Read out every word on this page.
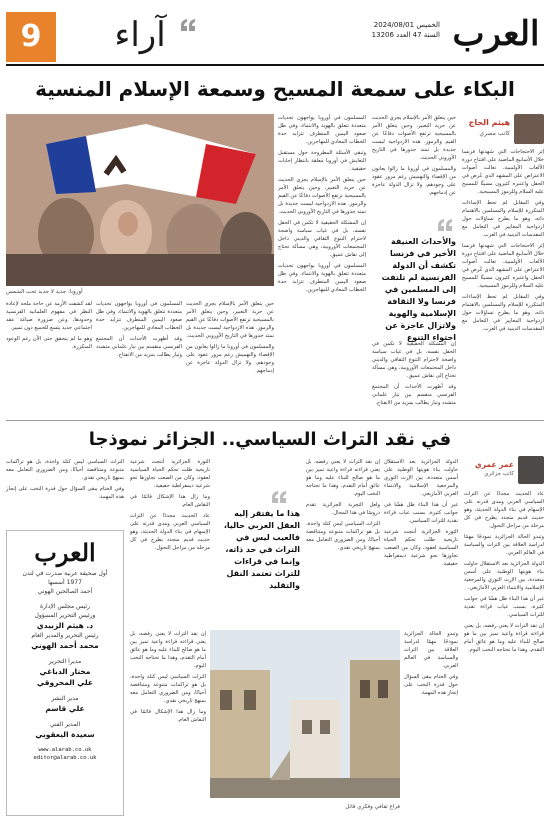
العرب
الخميس 2024/08/01
السنة 47 العدد 13206
آراء
9
البكاء على سمعة المسيح وسمعة الإسلام المنسية
هيثم الحاج
كاتب مصري

إثر الاحتجاجات التي شهدتها فرنسا خلال الأسابيع الماضية على افتتاح دورة الألعاب الأولمبية، تعالت أصوات الاعتراض على المشهد الذي عُرض في الحفل واعتبره كثيرون مسيئًا للمسيح عليه السلام وللرموز المسيحية.

وفي المقابل لم تحظ الإساءات المتكررة للإسلام والمسلمين بالاهتمام ذاته، وهو ما يطرح تساؤلات حول ازدواجية المعايير في التعامل مع المقدسات الدينية في الغرب.

إثر الاحتجاجات التي شهدتها فرنسا خلال الأسابيع الماضية على افتتاح دورة الألعاب الأولمبية، تعالت أصوات الاعتراض على المشهد الذي عُرض في الحفل واعتبره كثيرون مسيئًا للمسيح عليه السلام وللرموز المسيحية.

وفي المقابل لم تحظ الإساءات المتكررة للإسلام والمسلمين بالاهتمام ذاته، وهو ما يطرح تساؤلات حول ازدواجية المعايير في التعامل مع المقدسات الدينية في الغرب.

حين يتعلق الأمر بالإسلام يجري الحديث عن حرية التعبير، وحين يتعلق الأمر بالمسيحية ترتفع الأصوات دفاعًا عن القيم والرموز. هذه الازدواجية ليست جديدة بل تمتد جذورها في التاريخ الأوروبي الحديث.

والمسلمون في أوروبا ما زالوا يعانون من الإقصاء والتهميش رغم مرور عقود على وجودهم، ولا تزال الدولة عاجزة عن إدماجهم.

والأحداث العنيفة الأخير في فرنسا تكشف أن الدولة الفرنسية لم تلتفت إلى المسلمين في فرنسا ولا الثقافة الإسلامية والهوية ولاتزال عاجزة عن احتواء التنوع

إن المشكلة الحقيقية لا تكمن في الحفل نفسه، بل في غياب سياسة واضحة لاحترام التنوع الثقافي والديني داخل المجتمعات الأوروبية، وهي مسألة تحتاج إلى نقاش عميق.

وقد أظهرت الأحداث أن المجتمع الفرنسي منقسم بين تيار علماني متشدد وتيار يطالب بمزيد من الانفتاح.

المسلمون في أوروبا يواجهون تحديات متعددة تتعلق بالهوية والانتماء، وفي ظل صعود اليمين المتطرف تتزايد حدة الخطاب المعادي للمهاجرين.

وتبقى الأسئلة المطروحة حول مستقبل التعايش في أوروبا معلقة بانتظار إجابات حقيقية.

حين يتعلق الأمر بالإسلام يجري الحديث عن حرية التعبير، وحين يتعلق الأمر بالمسيحية ترتفع الأصوات دفاعًا عن القيم والرموز. هذه الازدواجية ليست جديدة بل تمتد جذورها في التاريخ الأوروبي الحديث.

إن المشكلة الحقيقية لا تكمن في الحفل نفسه، بل في غياب سياسة واضحة لاحترام التنوع الثقافي والديني داخل المجتمعات الأوروبية، وهي مسألة تحتاج إلى نقاش عميق.

المسلمون في أوروبا يواجهون تحديات متعددة تتعلق بالهوية والانتماء، وفي ظل صعود اليمين المتطرف تتزايد حدة الخطاب المعادي للمهاجرين.

لقد كشفت الأزمة عن حاجة ملحة لإعادة النظر في مفهوم العلمانية الفرنسية وحدودها، وعن ضرورة صياغة عقد اجتماعي جديد يتسع للجميع دون تمييز.

وهو ما لم يتحقق حتى الآن رغم الوعود المتكررة.

المسلمون في أوروبا يواجهون تحديات متعددة تتعلق بالهوية والانتماء، وفي ظل صعود اليمين المتطرف تتزايد حدة الخطاب المعادي للمهاجرين.

وقد أظهرت الأحداث أن المجتمع الفرنسي منقسم بين تيار علماني متشدد وتيار يطالب بمزيد من الانفتاح.

حين يتعلق الأمر بالإسلام يجري الحديث عن حرية التعبير، وحين يتعلق الأمر بالمسيحية ترتفع الأصوات دفاعًا عن القيم والرموز. هذه الازدواجية ليست جديدة بل تمتد جذورها في التاريخ الأوروبي الحديث.

والمسلمون في أوروبا ما زالوا يعانون من الإقصاء والتهميش رغم مرور عقود على وجودهم، ولا تزال الدولة عاجزة عن إدماجهم.

أوروبا: جديد لا جديد تحت الشمس
في نقد التراث السياسي.. الجزائر نموذجا
عمر عمري
كاتب جزائري

عاد الحديث مجددًا عن التراث السياسي العربي ومدى قدرته على الإسهام في بناء الدولة الحديثة، وهو حديث قديم متجدد يطرح في كل مرحلة من مراحل التحول.

وتبدو الحالة الجزائرية نموذجًا مهمًا لدراسة العلاقة بين التراث والسياسة في العالم العربي.

الدولة الجزائرية بعد الاستقلال حاولت بناء هويتها الوطنية على أسس متعددة، بين الإرث الثوري والمرجعية الإسلامية والانتماء العربي الأمازيغي.

غير أن هذا البناء ظل هشًا في جوانب كثيرة، بسبب غياب قراءة نقدية للتراث السياسي.

إن نقد التراث لا يعني رفضه، بل يعني قراءته قراءة واعية تميز بين ما هو صالح للبناء عليه وما هو عائق أمام التقدم، وهذا ما تحتاجه النخب اليوم.

الدولة الجزائرية بعد الاستقلال حاولت بناء هويتها الوطنية على أسس متعددة، بين الإرث الثوري والمرجعية الإسلامية والانتماء العربي الأمازيغي.

غير أن هذا البناء ظل هشًا في جوانب كثيرة، بسبب غياب قراءة نقدية للتراث السياسي.

الثورة الجزائرية أنتجت شرعية تاريخية ظلت تحكم الحياة السياسية لعقود، وكان من الصعب تجاوزها نحو شرعية ديمقراطية حقيقية.

إن نقد التراث لا يعني رفضه، بل يعني قراءته قراءة واعية تميز بين ما هو صالح للبناء عليه وما هو عائق أمام التقدم، وهذا ما تحتاجه النخب اليوم.

ولعل التجربة الجزائرية تقدم دروسًا في هذا المجال.

التراث السياسي ليس كتلة واحدة، بل هو تراكمات متنوعة ومتناقضة أحيانًا، ومن الضروري التعامل معه بمنهج تاريخي نقدي.

هذا ما يفتقر إليه العقل العربي حاليا، فالعيب ليس في التراث في حد ذاته، وإنما في قراءات للتراث تعتمد النقل والتقليد

الثورة الجزائرية أنتجت شرعية تاريخية ظلت تحكم الحياة السياسية لعقود، وكان من الصعب تجاوزها نحو شرعية ديمقراطية حقيقية.

وما زال هذا الإشكال قائمًا في النقاش العام.

عاد الحديث مجددًا عن التراث السياسي العربي ومدى قدرته على الإسهام في بناء الدولة الحديثة، وهو حديث قديم متجدد يطرح في كل مرحلة من مراحل التحول.

التراث السياسي ليس كتلة واحدة، بل هو تراكمات متنوعة ومتناقضة أحيانًا، ومن الضروري التعامل معه بمنهج تاريخي نقدي.

وفي الختام يبقى السؤال حول قدرة النخب على إنجاز هذه المهمة.

فراغ ثقافي وفكري قاتل

إن نقد التراث لا يعني رفضه، بل يعني قراءته قراءة واعية تميز بين ما هو صالح للبناء عليه وما هو عائق أمام التقدم، وهذا ما تحتاجه النخب اليوم.

التراث السياسي ليس كتلة واحدة، بل هو تراكمات متنوعة ومتناقضة أحيانًا، ومن الضروري التعامل معه بمنهج تاريخي نقدي.

وما زال هذا الإشكال قائمًا في النقاش العام.

وتبدو الحالة الجزائرية نموذجًا مهمًا لدراسة العلاقة بين التراث والسياسة في العالم العربي.

وفي الختام يبقى السؤال حول قدرة النخب على إنجاز هذه المهمة.

العرب
أول صحيفة عربية صدرت في لندن
1977 أسسها
أحمد الصالحين الهوني
رئيس مجلس الإدارة
ورئيس التحرير المسؤول
د. هيثم الزبيدي
رئيس التحرير والمدير العام
محمد أحمد الهوني
مديرا التحرير
مختار الدباغي
علي المحروقي
مدير النشر
علي قاسم
المدير الفني
سعيدة اليعقوبي
www.alarab.co.uk
editor@alarab.co.uk
